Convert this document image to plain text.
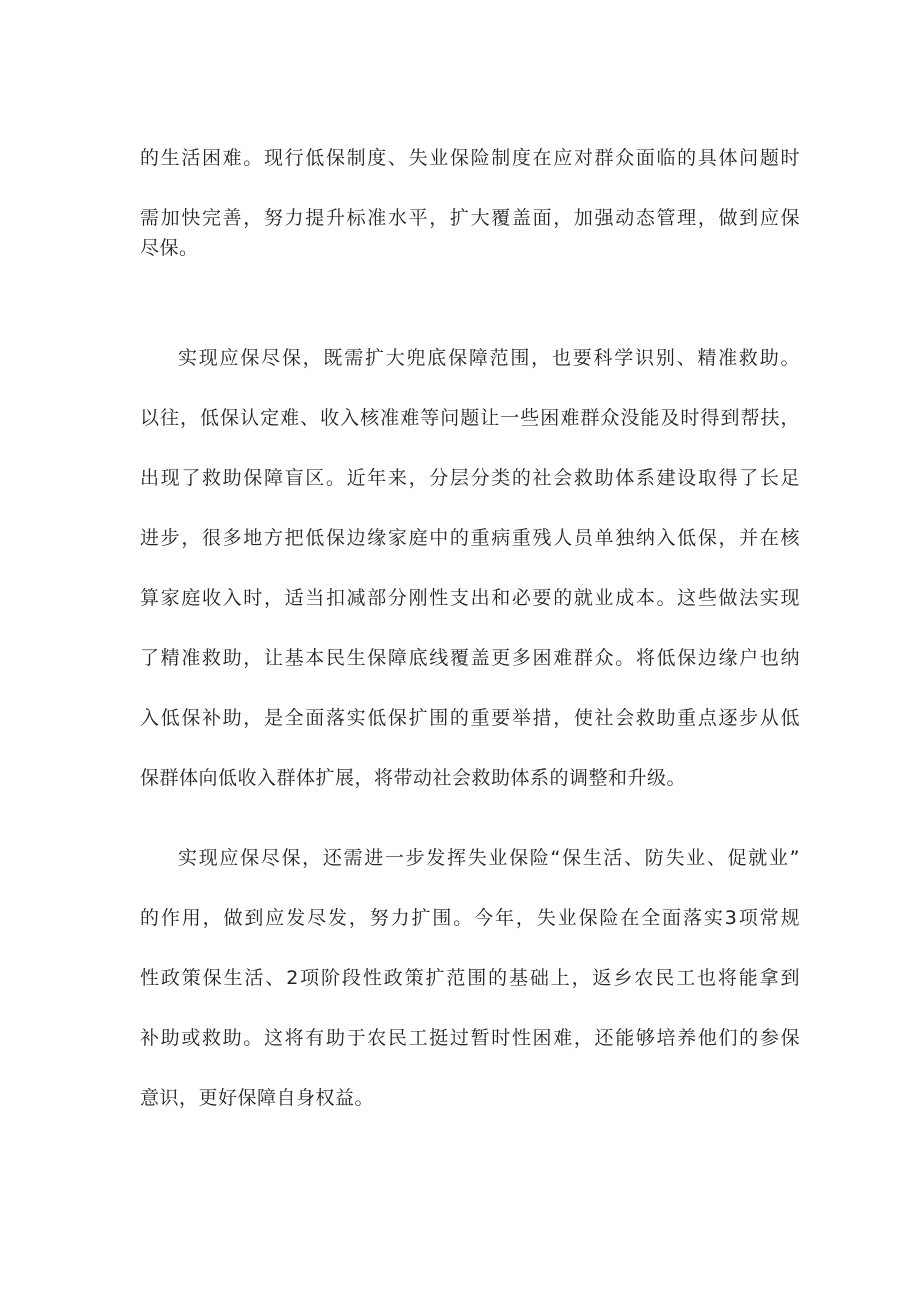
的生活困难。现行低保制度、失业保险制度在应对群众面临的具体问题时
需加快完善，努力提升标准水平，扩大覆盖面，加强动态管理，做到应保
尽保。
实现应保尽保，既需扩大兜底保障范围，也要科学识别、精准救助。
以往，低保认定难、收入核准难等问题让一些困难群众没能及时得到帮扶，
出现了救助保障盲区。近年来，分层分类的社会救助体系建设取得了长足
进步，很多地方把低保边缘家庭中的重病重残人员单独纳入低保，并在核
算家庭收入时，适当扣减部分刚性支出和必要的就业成本。这些做法实现
了精准救助，让基本民生保障底线覆盖更多困难群众。将低保边缘户也纳
入低保补助，是全面落实低保扩围的重要举措，使社会救助重点逐步从低
保群体向低收入群体扩展，将带动社会救助体系的调整和升级。
实现应保尽保，还需进一步发挥失业保险“保生活、防失业、促就业”
的作用，做到应发尽发，努力扩围。今年，失业保险在全面落实3项常规
性政策保生活、2项阶段性政策扩范围的基础上，返乡农民工也将能拿到
补助或救助。这将有助于农民工挺过暂时性困难，还能够培养他们的参保
意识，更好保障自身权益。
